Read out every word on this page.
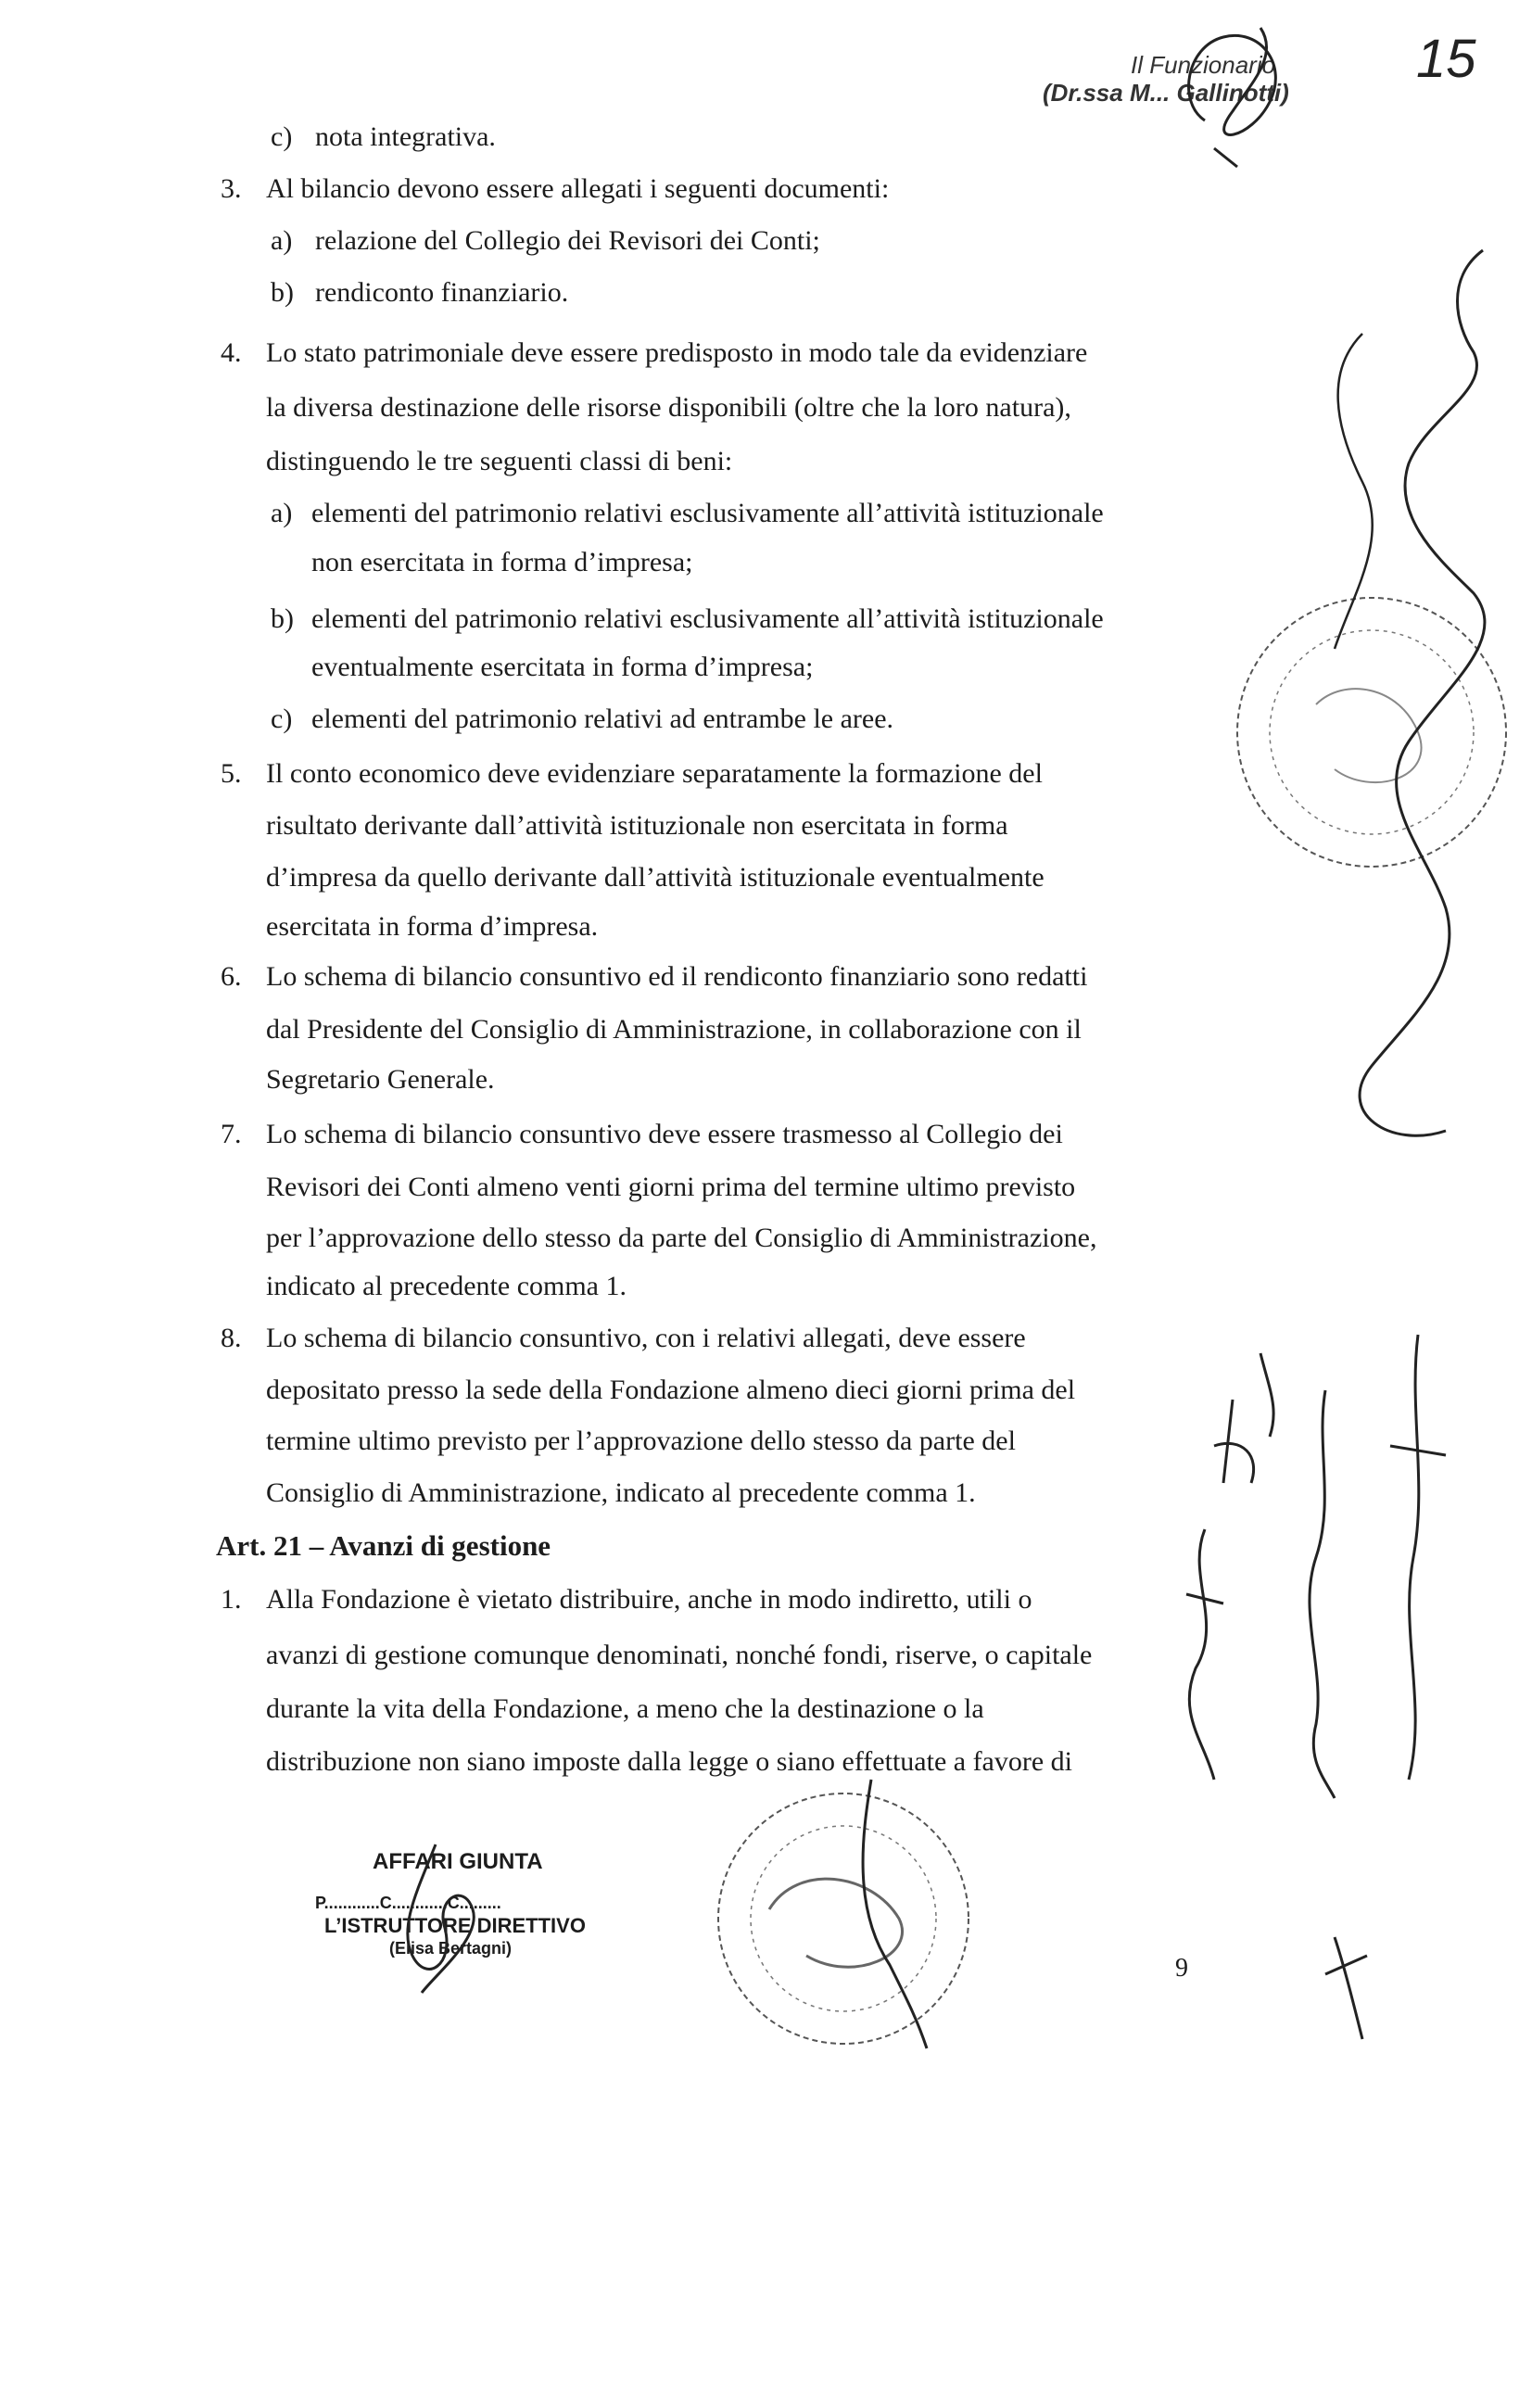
15
Il Funzionario
(Dr.ssa M... Gallinotti)
c) nota integrativa.
3. Al bilancio devono essere allegati i seguenti documenti:
a) relazione del Collegio dei Revisori dei Conti;
b) rendiconto finanziario.
4. Lo stato patrimoniale deve essere predisposto in modo tale da evidenziare
la diversa destinazione delle risorse disponibili (oltre che la loro natura),
distinguendo le tre seguenti classi di beni:
a) elementi del patrimonio relativi esclusivamente all’attività istituzionale
non esercitata in forma d’impresa;
b) elementi del patrimonio relativi esclusivamente all’attività istituzionale
eventualmente esercitata in forma d’impresa;
c) elementi del patrimonio relativi ad entrambe le aree.
5. Il conto economico deve evidenziare separatamente la formazione del
risultato derivante dall’attività istituzionale non esercitata in forma
d’impresa da quello derivante dall’attività istituzionale eventualmente
esercitata in forma d’impresa.
6. Lo schema di bilancio consuntivo ed il rendiconto finanziario sono redatti
dal Presidente del Consiglio di Amministrazione, in collaborazione con il
Segretario Generale.
7. Lo schema di bilancio consuntivo deve essere trasmesso al Collegio dei
Revisori dei Conti almeno venti giorni prima del termine ultimo previsto
per l’approvazione dello stesso da parte del Consiglio di Amministrazione,
indicato al precedente comma 1.
8. Lo schema di bilancio consuntivo, con i relativi allegati, deve essere
depositato presso la sede della Fondazione almeno dieci giorni prima del
termine ultimo previsto per l’approvazione dello stesso da parte del
Consiglio di Amministrazione, indicato al precedente comma 1.
Art. 21 – Avanzi di gestione
1. Alla Fondazione è vietato distribuire, anche in modo indiretto, utili o
avanzi di gestione comunque denominati, nonché fondi, riserve, o capitale
durante la vita della Fondazione, a meno che la destinazione o la
distribuzione non siano imposte dalla legge o siano effettuate a favore di
AFFARI GIUNTA
P............C............C.........
L’ISTRUTTORE DIRETTIVO
(Elisa Bertagni)
9
